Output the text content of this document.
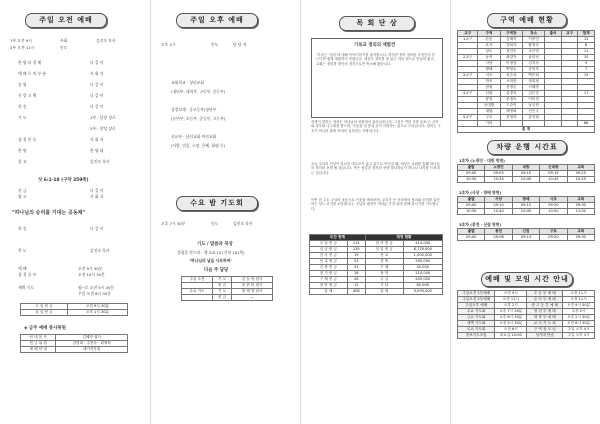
주일 오전 예배
1부 오전 9시	사회	김진모 목사
2부 오전 11시	인도
찬 양 과 경 배	다 같 이
예 배 로 의 부 름	사 회 자
송 영	다 같 이
신 앙 고 백	다 같 이
찬 송	다 같 이
기 도	1부 : 담당 장로
2부 : 담당 장로
성 경 봉 독	사 회 자
찬 양	찬 양 대
설 교	김진모 목사
삿 6:1-18 (구약 359쪽)
헌 금	다 같 이
광 고	사 회 자
찬 송	다 같 이
축 도	김진모 목사
"하나님의 승리를 기대는 공동체"
예 배	오전 9시 30분
성 경 공 부	오전 10시 30분
새벽 기도	월~토 오전 5시 30분
주일 오전 6시 30분
주 일 헌 금	오전 9시 30분
십 일 헌 금	오후 1시 30분
◈ 금주 예배 봉사위원
안 내 봉 사	김혜자 권사
헌 금 위 원	김명희 · 주현숙 · 최재혁
예 배 안 내	세가족부원
주일 오후 예배
오후 2시	인도	담 당 자
교회학교 · 청년교회
(청년부, 대학부, 고등부, 중등부)
성경교재 · 중고등부/청년부
(유년부, 초등부, 중등부, 고등부)
선교부 · 남선교회 여선교회
(사랑, 믿음, 소망, 은혜, 화평 등)
수요 밤 기도회
오후 7시 30분	인도	김진모 목사
기도 / 말씀과 묵상
성령을 받으라 · 행 3:8-13 (신약 191쪽)
"하나님의 날을 사모하며"
다음 주 담당
주일 오전	기 도	김 동 영 집사
	헌 금	송 현 미 집사
수요 기도	기 도	장 세 영 집사
	헌 금	—
목 회 단 상
기독교 정의의 재발견
"우리는 '정의'에 대해 이야기하기를 좋아합니다. 하지만 정작 정의란 무엇인지 묻는다면 쉽게 대답하지 못합니다. 세상은 정의를 힘 있는 자의 편으로 만들어 왔고, 교회는 정의를 개인의 경건으로만 축소해 왔습니다.
성경이 말하는 정의는 하나님의 성품에서 흘러나옵니다. 그것은 약한 자를 돌보고, 고아와 과부와 나그네를 품으며, 이웃을 내 몸과 같이 사랑하는 삶으로 드러납니다. 정의는 구호가 아니라 관계 속에서 실천되는 사랑입니다.
오늘 우리의 신앙이 말로만 머무르지 않고 삶으로 이어질 때, 세상은 교회를 통해 하나님의 정의를 보게 될 것입니다. 작은 섬김과 정직한 선택 하나하나가 하나님 나라를 드러내는 길입니다.
이번 한 주도 주님의 마음으로 이웃을 바라보며, 우리가 선 자리에서 정의와 공의를 실천하는 성도 되기를 소망합니다. 주님의 평강이 여러분 가정 위에 함께 하시기를 기도합니다.
주간 헌계		재정 현황	
주 일 헌 금	114	감 사 헌 금	414,000
십 일 헌 금	135	십 일 헌 금	8,776,000
감 사 헌 금	19	선 교	1,000,000
선 교 헌 금	23	건 축	200,000
건 축 헌 금	31	구 제	50,000
절 기 헌 금	18	장 학	210,000
구 제 헌 금	26	주 일	455,000
장 학 헌 금	12	기 타	85,000
총 계	408	총 계	9,099,000
구역 예배 현황
교구	구역	구역장	장소	출석	교구	합계
1교구	본동	김혜자	이종민			12
	흑석	강희자	황경숙			8
	상도	정인숙	조은영			11
2교구	동작	최향자	윤미선			10
	사당	이정임	김지숙			9
	방배	박영숙	송미자			7
3교구	서초	임순옥	백은희			15
	반포	오미란	정희정			
	잠원	한정순	서혜경			
4교구	신림	유경자	김은순			17
	봉천	문정숙	이미경			
	신대방	고순이	남궁현			
	대림	배정희	신은주			
5교구	구로	진영자	홍선희			
	기타					86
총 계						
차량 운행 시간표
1호차 (노량진 · 대방 방면)
출발	노량진	대방	신대방	교회
09:00	09:05	09:10	09:15	09:25
10:30	10:35	10:40	10:45	10:55
2호차 (사당 · 방배 방면)
출발	사당	방배	서초	교회
09:00	09:10	09:15	09:20	09:30
10:30	10:40	10:45	10:50	11:00
3호차 (봉천 · 신림 방면)
출발	봉천	신림	구로	교회
09:00	09:08	09:14	09:20	09:30
예배 및 모임 시간 안내
주일오전 1부예배	오전 9시	초 등 부 예 배	오전 11시
주일오전 2부예배	오전 11시	유 아 부 예 배	오전 11시
주일오후 예배	오후 2시	중 고 등 부 예 배	오전 9시 30분
수요 기도회	오후 7시 30분	청 년 부 예 배	오후 2시
금요 기도회	오후 8시 30분	대 학 부 예 배	오후 2시 30분
새벽 기도회	오전 5시 30분	교 사 기 도 회	오전 8시 30분
토요 기도회	오전 6시	구 역 장 모 임	주일 오후 4시
중보기도모임	화요일 10:00	성가대 연습	주일 오후 3시
